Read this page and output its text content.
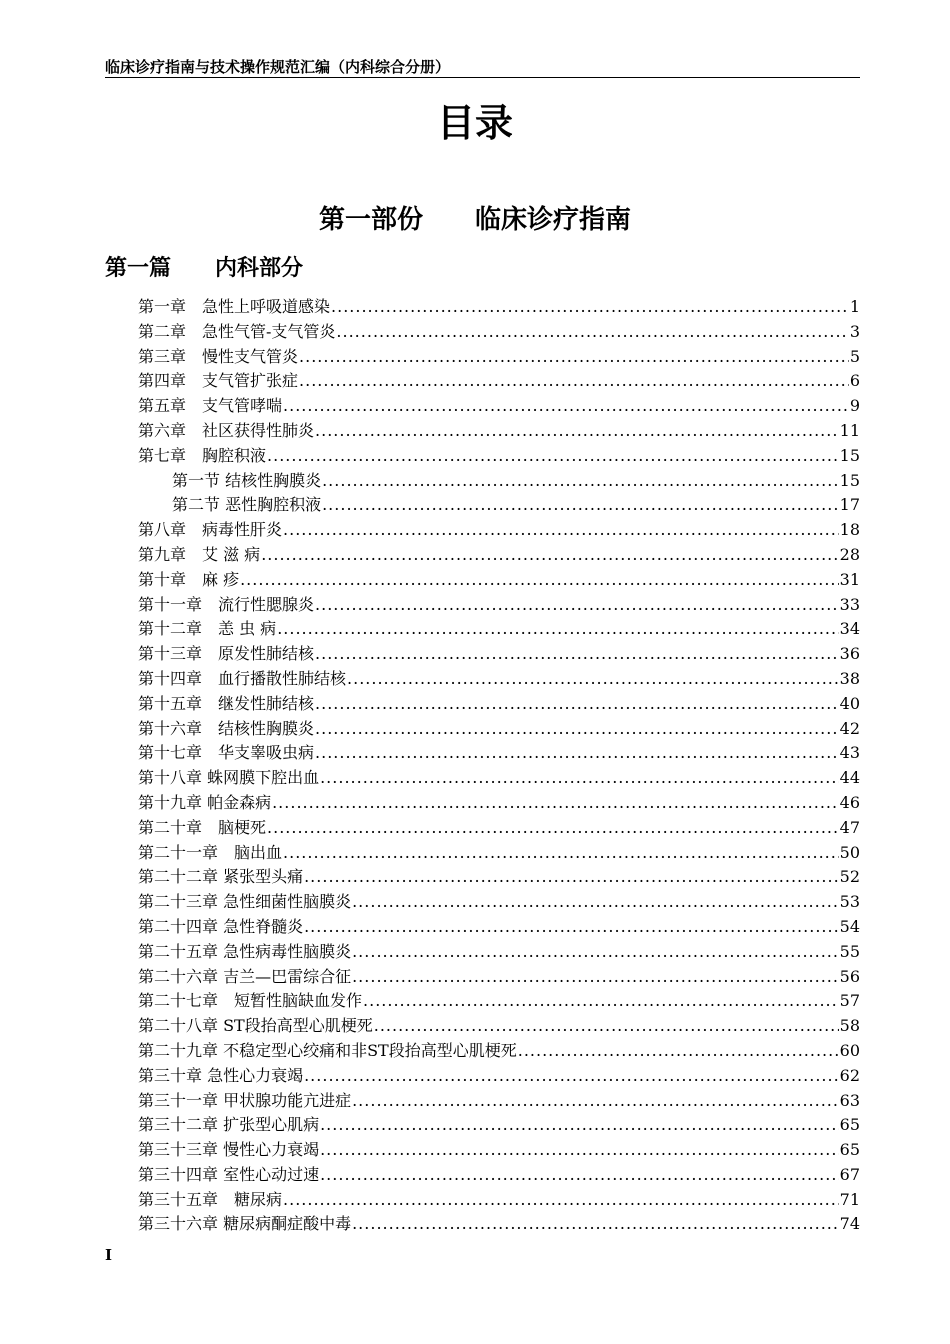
临床诊疗指南与技术操作规范汇编（内科综合分册）
目录
第一部份　　临床诊疗指南
第一篇　　内科部分
第一章　急性上呼吸道感染 .....	1
第二章　急性气管-支气管炎 .....	3
第三章　慢性支气管炎 .....	5
第四章　支气管扩张症 .....	6
第五章　支气管哮喘 .....	9
第六章　社区获得性肺炎 .....	11
第七章　胸腔积液 .....	15
第一节 结核性胸膜炎 .....	15
第二节 恶性胸腔积液 .....	17
第八章　病毒性肝炎 .....	18
第九章　艾 滋 病 .....	28
第十章　麻 疹 .....	31
第十一章　流行性腮腺炎 .....	33
第十二章　恙 虫 病 .....	34
第十三章　原发性肺结核 .....	36
第十四章　血行播散性肺结核 .....	38
第十五章　继发性肺结核 .....	40
第十六章　结核性胸膜炎 .....	42
第十七章　华支睾吸虫病 .....	43
第十八章 蛛网膜下腔出血 .....	44
第十九章 帕金森病 .....	46
第二十章　脑梗死 .....	47
第二十一章　脑出血 .....	50
第二十二章 紧张型头痛 .....	52
第二十三章 急性细菌性脑膜炎 .....	53
第二十四章 急性脊髓炎 .....	54
第二十五章 急性病毒性脑膜炎 .....	55
第二十六章 吉兰—巴雷综合征 .....	56
第二十七章　短暂性脑缺血发作 .....	57
第二十八章 ST段抬高型心肌梗死 .....	58
第二十九章 不稳定型心绞痛和非ST段抬高型心肌梗死 .....	60
第三十章 急性心力衰竭 .....	62
第三十一章 甲状腺功能亢进症 .....	63
第三十二章 扩张型心肌病 .....	65
第三十三章 慢性心力衰竭 .....	65
第三十四章 室性心动过速 .....	67
第三十五章　糖尿病 .....	71
第三十六章 糖尿病酮症酸中毒 .....	74
I
